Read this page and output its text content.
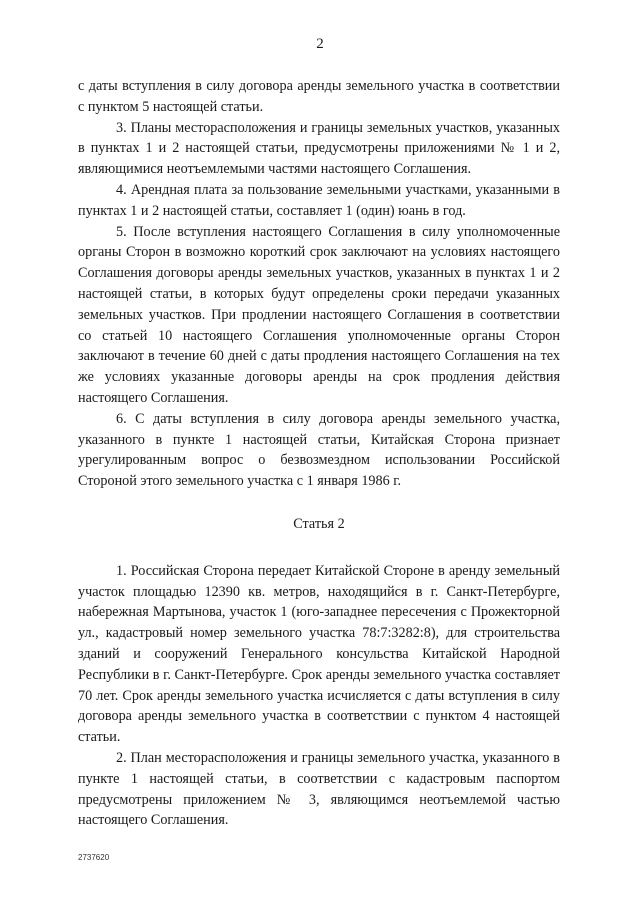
2

с даты вступления в силу договора аренды земельного участка в соответствии с пунктом 5 настоящей статьи.

3. Планы месторасположения и границы земельных участков, указанных в пунктах 1 и 2 настоящей статьи, предусмотрены приложениями № 1 и 2, являющимися неотъемлемыми частями настоящего Соглашения.

4. Арендная плата за пользование земельными участками, указанными в пунктах 1 и 2 настоящей статьи, составляет 1 (один) юань в год.

5. После вступления настоящего Соглашения в силу уполномоченные органы Сторон в возможно короткий срок заключают на условиях настоящего Соглашения договоры аренды земельных участков, указанных в пунктах 1 и 2 настоящей статьи, в которых будут определены сроки передачи указанных земельных участков. При продлении настоящего Соглашения в соответствии со статьей 10 настоящего Соглашения уполномоченные органы Сторон заключают в течение 60 дней с даты продления настоящего Соглашения на тех же условиях указанные договоры аренды на срок продления действия настоящего Соглашения.

6. С даты вступления в силу договора аренды земельного участка, указанного в пункте 1 настоящей статьи, Китайская Сторона признает урегулированным вопрос о безвозмездном использовании Российской Стороной этого земельного участка с 1 января 1986 г.

Статья 2

1. Российская Сторона передает Китайской Стороне в аренду земельный участок площадью 12390 кв. метров, находящийся в г. Санкт-Петербурге, набережная Мартынова, участок 1 (юго-западнее пересечения с Прожекторной ул., кадастровый номер земельного участка 78:7:3282:8), для строительства зданий и сооружений Генерального консульства Китайской Народной Республики в г. Санкт-Петербурге. Срок аренды земельного участка составляет 70 лет. Срок аренды земельного участка исчисляется с даты вступления в силу договора аренды земельного участка в соответствии с пунктом 4 настоящей статьи.

2. План месторасположения и границы земельного участка, указанного в пункте 1 настоящей статьи, в соответствии с кадастровым паспортом предусмотрены приложением № 3, являющимся неотъемлемой частью настоящего Соглашения.

2737620
